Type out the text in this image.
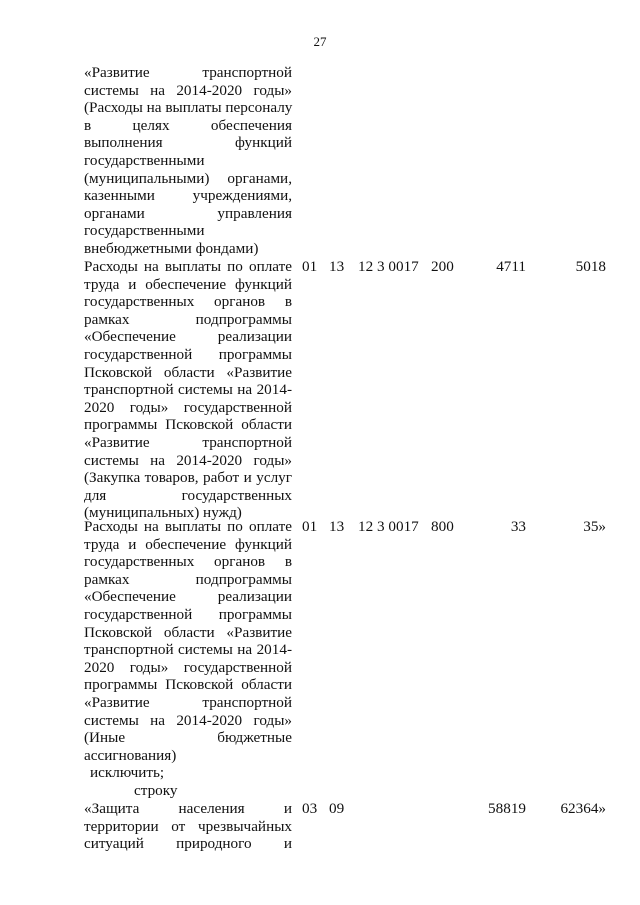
27
«Развитие транспортной
системы на 2014-2020 годы»
(Расходы на выплаты персоналу
в целях обеспечения
выполнения функций
государственными
(муниципальными) органами,
казенными учреждениями,
органами управления
государственными
внебюджетными фондами)
Расходы на выплаты по оплате
труда и обеспечение функций
государственных органов в
рамках подпрограммы
«Обеспечение реализации
государственной программы
Псковской области «Развитие
транспортной системы на 2014-
2020 годы» государственной
программы Псковской области
«Развитие транспортной
системы на 2014-2020 годы»
(Закупка товаров, работ и услуг
для государственных
(муниципальных) нужд)
01 13 12 3 0017 200	4711	5018
Расходы на выплаты по оплате
труда и обеспечение функций
государственных органов в
рамках подпрограммы
«Обеспечение реализации
государственной программы
Псковской области «Развитие
транспортной системы на 2014-
2020 годы» государственной
программы Псковской области
«Развитие транспортной
системы на 2014-2020 годы»
(Иные бюджетные
ассигнования)
01 13 12 3 0017 800	33	35»
исключить;
строку
«Защита населения и
территории от чрезвычайных
ситуаций природного и
03 09	58819	62364»
